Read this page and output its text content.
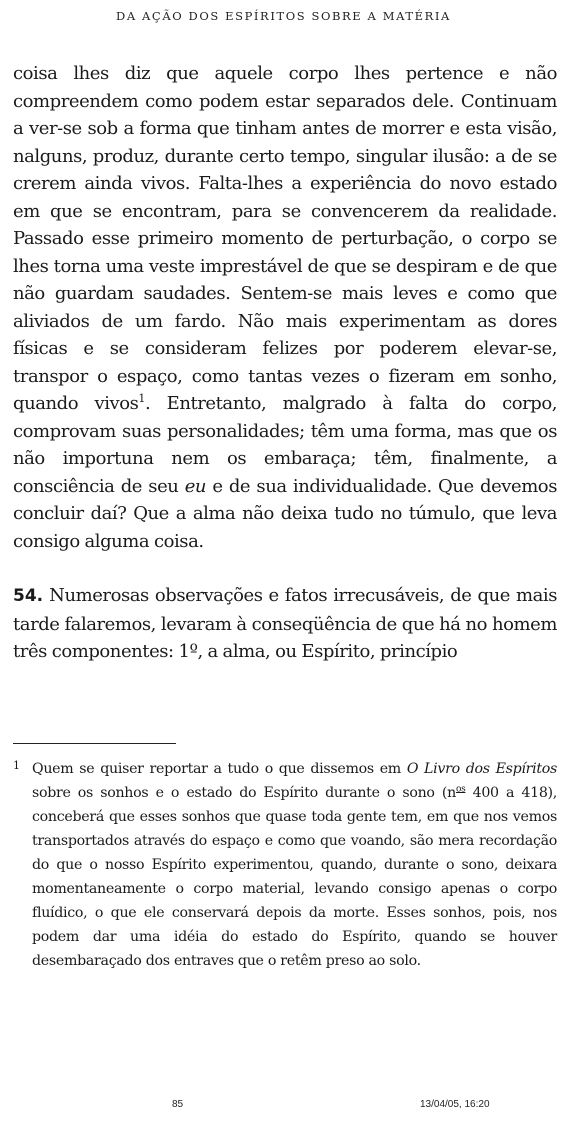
DA AÇÃO DOS ESPÍRITOS SOBRE A MATÉRIA

coisa lhes diz que aquele corpo lhes pertence e não compreendem como podem estar separados dele. Continuam a ver-se sob a forma que tinham antes de morrer e esta visão, nalguns, produz, durante certo tempo, singular ilusão: a de se crerem ainda vivos. Falta-lhes a experiência do novo estado em que se encontram, para se convencerem da realidade. Passado esse primeiro momento de perturbação, o corpo se lhes torna uma veste imprestável de que se despiram e de que não guardam saudades. Sentem-se mais leves e como que aliviados de um fardo. Não mais experimentam as dores físicas e se consideram felizes por poderem elevar-se, transpor o espaço, como tantas vezes o fizeram em sonho, quando vivos$^1$. Entretanto, malgrado à falta do corpo, comprovam suas personalidades; têm uma forma, mas que os não importuna nem os embaraça; têm, finalmente, a consciência de seu eu e de sua individualidade. Que devemos concluir daí? Que a alma não deixa tudo no túmulo, que leva consigo alguma coisa.

54. Numerosas observações e fatos irrecusáveis, de que mais tarde falaremos, levaram à conseqüência de que há no homem três componentes: 1º, a alma, ou Espírito, princípio

1 Quem se quiser reportar a tudo o que dissemos em O Livro dos Espíritos sobre os sonhos e o estado do Espírito durante o sono ($n^{os}$ 400 a 418), conceberá que esses sonhos que quase toda gente tem, em que nos vemos transportados através do espaço e como que voando, são mera recordação do que o nosso Espírito experimentou, quando, durante o sono, deixara momentaneamente o corpo material, levando consigo apenas o corpo fluídico, o que ele conservará depois da morte. Esses sonhos, pois, nos podem dar uma idéia do estado do Espírito, quando se houver desembaraçado dos entraves que o retêm preso ao solo.
85	13/04/05, 16:20
